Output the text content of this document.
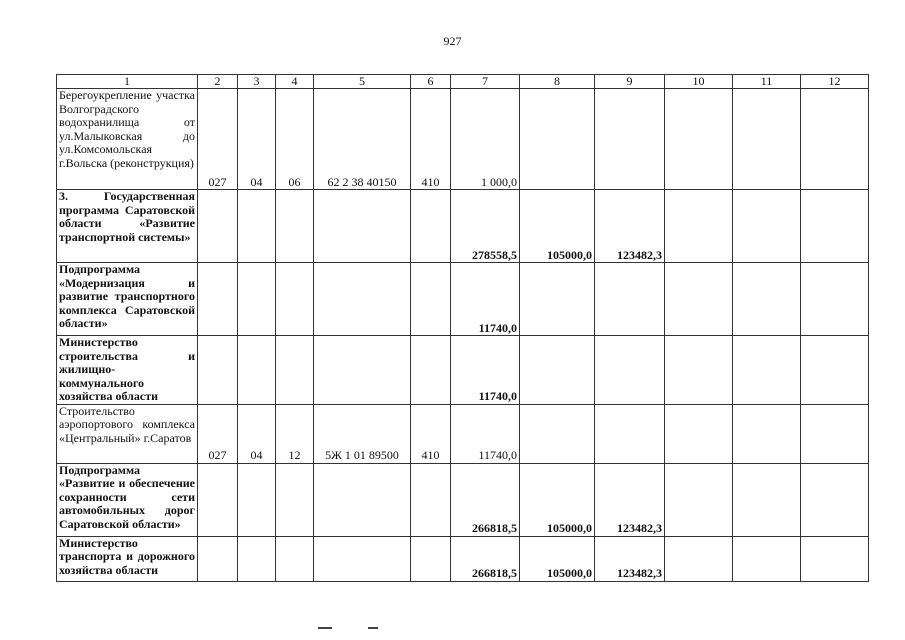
927
1	2	3	4	5	6	7	8	9	10	11	12
Берегоукрепление участка Волгоградского водохранилища от ул.Малыковская до ул.Комсомольская г.Вольска (реконструкция)	027	04	06	62 2 38 40150	410	1 000,0					
3. Государственная программа Саратовской области «Развитие транспортной системы»						278558,5	105000,0	123482,3			
Подпрограмма «Модернизация и развитие транспортного комплекса Саратовской области»						11740,0					
Министерство строительства и жилищно-коммунального хозяйства области						11740,0					
Строительство аэропортового комплекса «Центральный» г.Саратов	027	04	12	5Ж 1 01 89500	410	11740,0					
Подпрограмма «Развитие и обеспечение сохранности сети автомобильных дорог Саратовской области»						266818,5	105000,0	123482,3			
Министерство транспорта и дорожного хозяйства области						266818,5	105000,0	123482,3			
